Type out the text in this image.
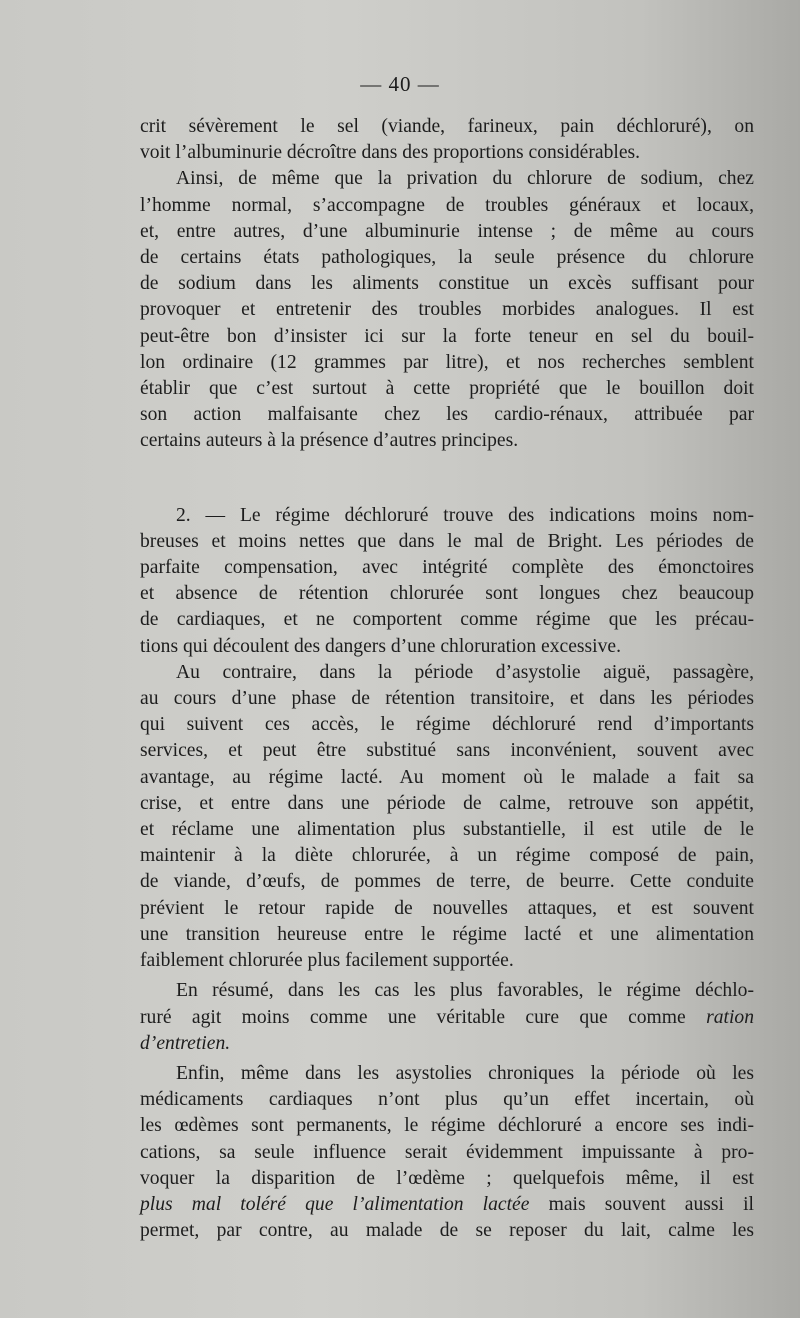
— 40 —
crit sévèrement le sel (viande, farineux, pain déchloruré), on
voit l’albuminurie décroître dans des proportions considérables.
Ainsi, de même que la privation du chlorure de sodium, chez
l’homme normal, s’accompagne de troubles généraux et locaux,
et, entre autres, d’une albuminurie intense ; de même au cours
de certains états pathologiques, la seule présence du chlorure
de sodium dans les aliments constitue un excès suffisant pour
provoquer et entretenir des troubles morbides analogues. Il est
peut-être bon d’insister ici sur la forte teneur en sel du bouil-
lon ordinaire (12 grammes par litre), et nos recherches semblent
établir que c’est surtout à cette propriété que le bouillon doit
son action malfaisante chez les cardio-rénaux, attribuée par
certains auteurs à la présence d’autres principes.
2. — Le régime déchloruré trouve des indications moins nom-
breuses et moins nettes que dans le mal de Bright. Les périodes de
parfaite compensation, avec intégrité complète des émonctoires
et absence de rétention chlorurée sont longues chez beaucoup
de cardiaques, et ne comportent comme régime que les précau-
tions qui découlent des dangers d’une chloruration excessive.
Au contraire, dans la période d’asystolie aiguë, passagère,
au cours d’une phase de rétention transitoire, et dans les périodes
qui suivent ces accès, le régime déchloruré rend d’importants
services, et peut être substitué sans inconvénient, souvent avec
avantage, au régime lacté. Au moment où le malade a fait sa
crise, et entre dans une période de calme, retrouve son appétit,
et réclame une alimentation plus substantielle, il est utile de le
maintenir à la diète chlorurée, à un régime composé de pain,
de viande, d’œufs, de pommes de terre, de beurre. Cette conduite
prévient le retour rapide de nouvelles attaques, et est souvent
une transition heureuse entre le régime lacté et une alimentation
faiblement chlorurée plus facilement supportée.
En résumé, dans les cas les plus favorables, le régime déchlo-
ruré agit moins comme une véritable cure que comme ration
d’entretien.
Enfin, même dans les asystolies chroniques la période où les
médicaments cardiaques n’ont plus qu’un effet incertain, où
les œdèmes sont permanents, le régime déchloruré a encore ses indi-
cations, sa seule influence serait évidemment impuissante à pro-
voquer la disparition de l’œdème ; quelquefois même, il est
plus mal toléré que l’alimentation lactée mais souvent aussi il
permet, par contre, au malade de se reposer du lait, calme les
